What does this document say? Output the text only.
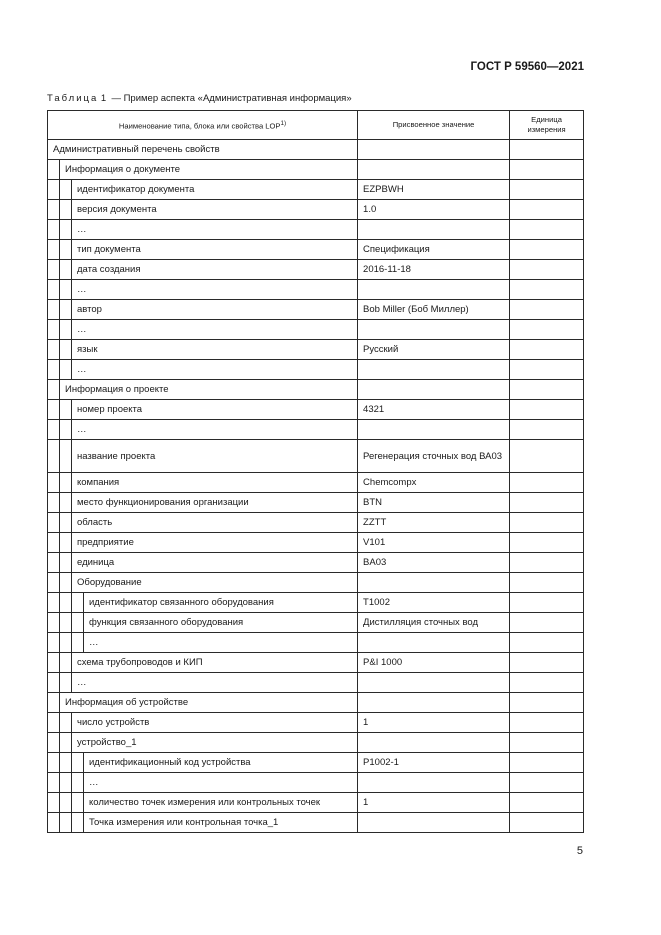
ГОСТ Р 59560—2021
Таблица 1 — Пример аспекта «Административная информация»
Наименование типа, блока или свойства LOP$^{1)}$				Присвоенное значение	Единица измерения
Административный перечень свойств					
	Информация о документе				
		идентификатор документа		EZPBWH	
		версия документа		1.0	
		…			
		тип документа		Спецификация	
		дата создания		2016-11-18	
		…			
		автор		Bob Miller (Боб Миллер)	
		…			
		язык		Русский	
		…			
	Информация о проекте				
		номер проекта		4321	
		…			
		название проекта		Регенерация сточных вод ВА03	
		компания		Chemcompx	
		место функционирования организации		BTN	
		область		ZZTT	
		предприятие		V101	
		единица		BA03	
		Оборудование			
			идентификатор связанного оборудования	T1002	
			функция связанного оборудования	Дистилляция сточных вод	
			…		
		схема трубопроводов и КИП		P&I 1000	
		…			
	Информация об устройстве				
		число устройств		1	
		устройство_1			
			идентификационный код устройства	P1002-1	
			…		
			количество точек измерения или контрольных точек	1	
			Точка измерения или контрольная точка_1		
5
